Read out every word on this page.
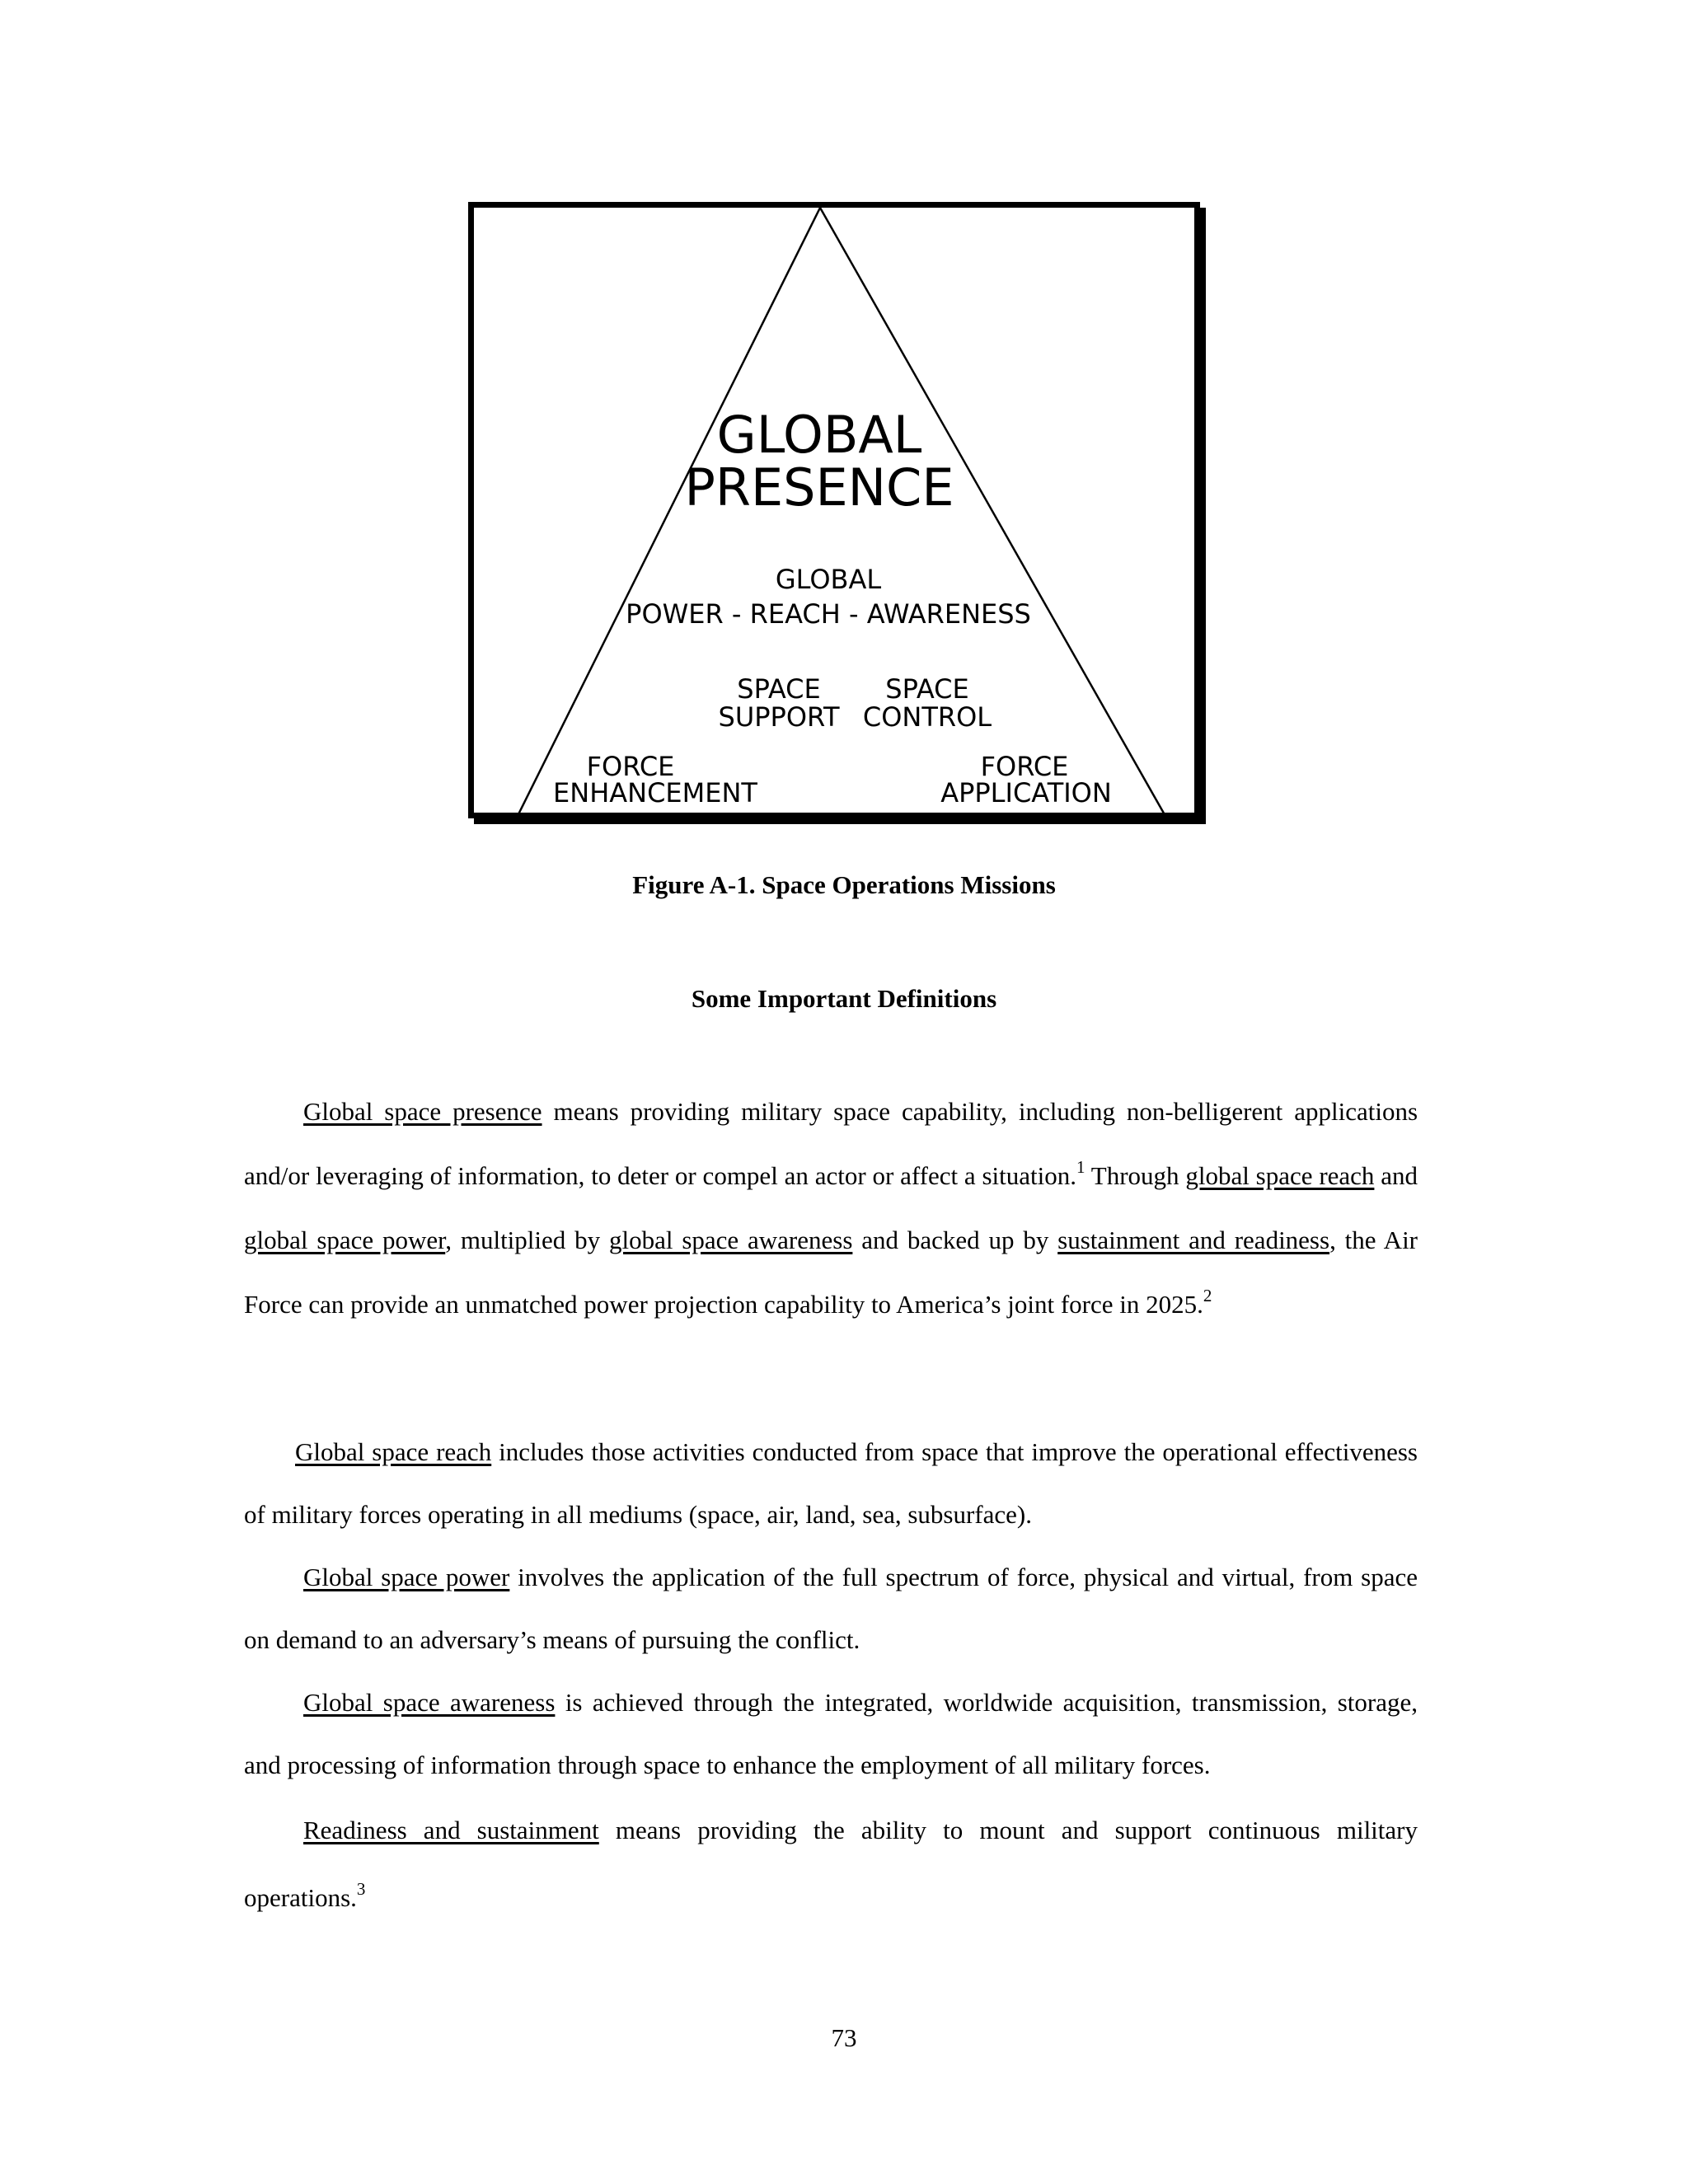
GLOBAL
PRESENCE
GLOBAL
POWER - REACH - AWARENESS
SPACE
SUPPORT
SPACE
CONTROL
FORCE
ENHANCEMENT
FORCE
APPLICATION
Figure A-1. Space Operations Missions
Some Important Definitions

Global space presence means providing military space capability, including non-belligerent applications and/or leveraging of information, to deter or compel an actor or affect a situation.$^1$ Through global space reach and global space power, multiplied by global space awareness and backed up by sustainment and readiness, the Air Force can provide an unmatched power projection capability to America’s joint force in 2025.$^2$

Global space reach includes those activities conducted from space that improve the operational effectiveness of military forces operating in all mediums (space, air, land, sea, subsurface).

Global space power involves the application of the full spectrum of force, physical and virtual, from space on demand to an adversary’s means of pursuing the conflict.

Global space awareness is achieved through the integrated, worldwide acquisition, transmission, storage, and processing of information through space to enhance the employment of all military forces.

Readiness and sustainment means providing the ability to mount and support continuous military operations.$^3$

73
